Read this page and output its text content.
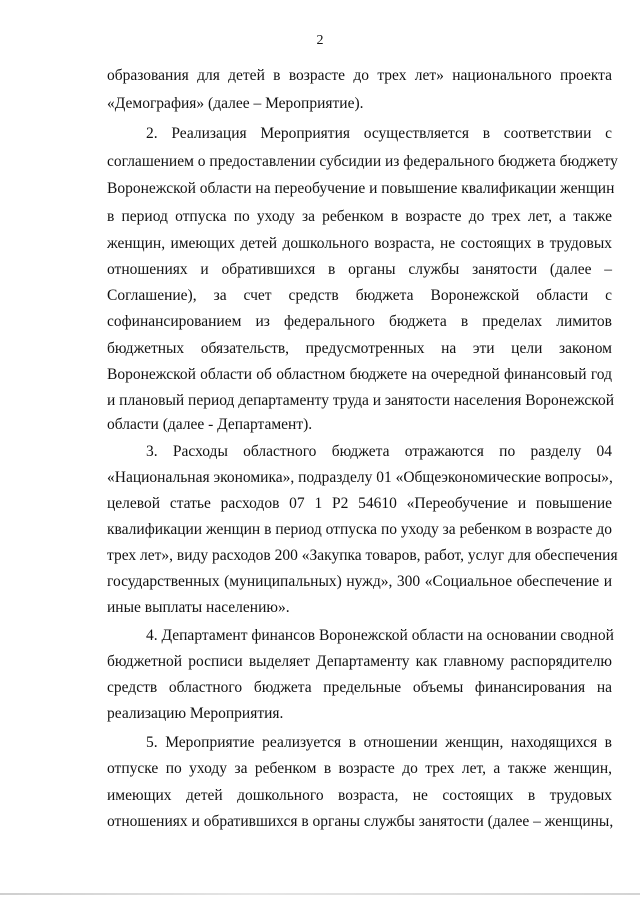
2
образования для детей в возрасте до трех лет» национального проекта
«Демография» (далее – Мероприятие).
2. Реализация Мероприятия осуществляется в соответствии с
соглашением о предоставлении субсидии из федерального бюджета бюджету
Воронежской области на переобучение и повышение квалификации женщин
в период отпуска по уходу за ребенком в возрасте до трех лет, а также
женщин, имеющих детей дошкольного возраста, не состоящих в трудовых
отношениях и обратившихся в органы службы занятости (далее –
Соглашение), за счет средств бюджета Воронежской области с
софинансированием из федерального бюджета в пределах лимитов
бюджетных обязательств, предусмотренных на эти цели законом
Воронежской области об областном бюджете на очередной финансовый год
и плановый период департаменту труда и занятости населения Воронежской
области (далее - Департамент).
3. Расходы областного бюджета отражаются по разделу 04
«Национальная экономика», подразделу 01 «Общеэкономические вопросы»,
целевой статье расходов 07 1 Р2 54610 «Переобучение и повышение
квалификации женщин в период отпуска по уходу за ребенком в возрасте до
трех лет», виду расходов 200 «Закупка товаров, работ, услуг для обеспечения
государственных (муниципальных) нужд», 300 «Социальное обеспечение и
иные выплаты населению».
4. Департамент финансов Воронежской области на основании сводной
бюджетной росписи выделяет Департаменту как главному распорядителю
средств областного бюджета предельные объемы финансирования на
реализацию Мероприятия.
5. Мероприятие реализуется в отношении женщин, находящихся в
отпуске по уходу за ребенком в возрасте до трех лет, а также женщин,
имеющих детей дошкольного возраста, не состоящих в трудовых
отношениях и обратившихся в органы службы занятости (далее – женщины,
